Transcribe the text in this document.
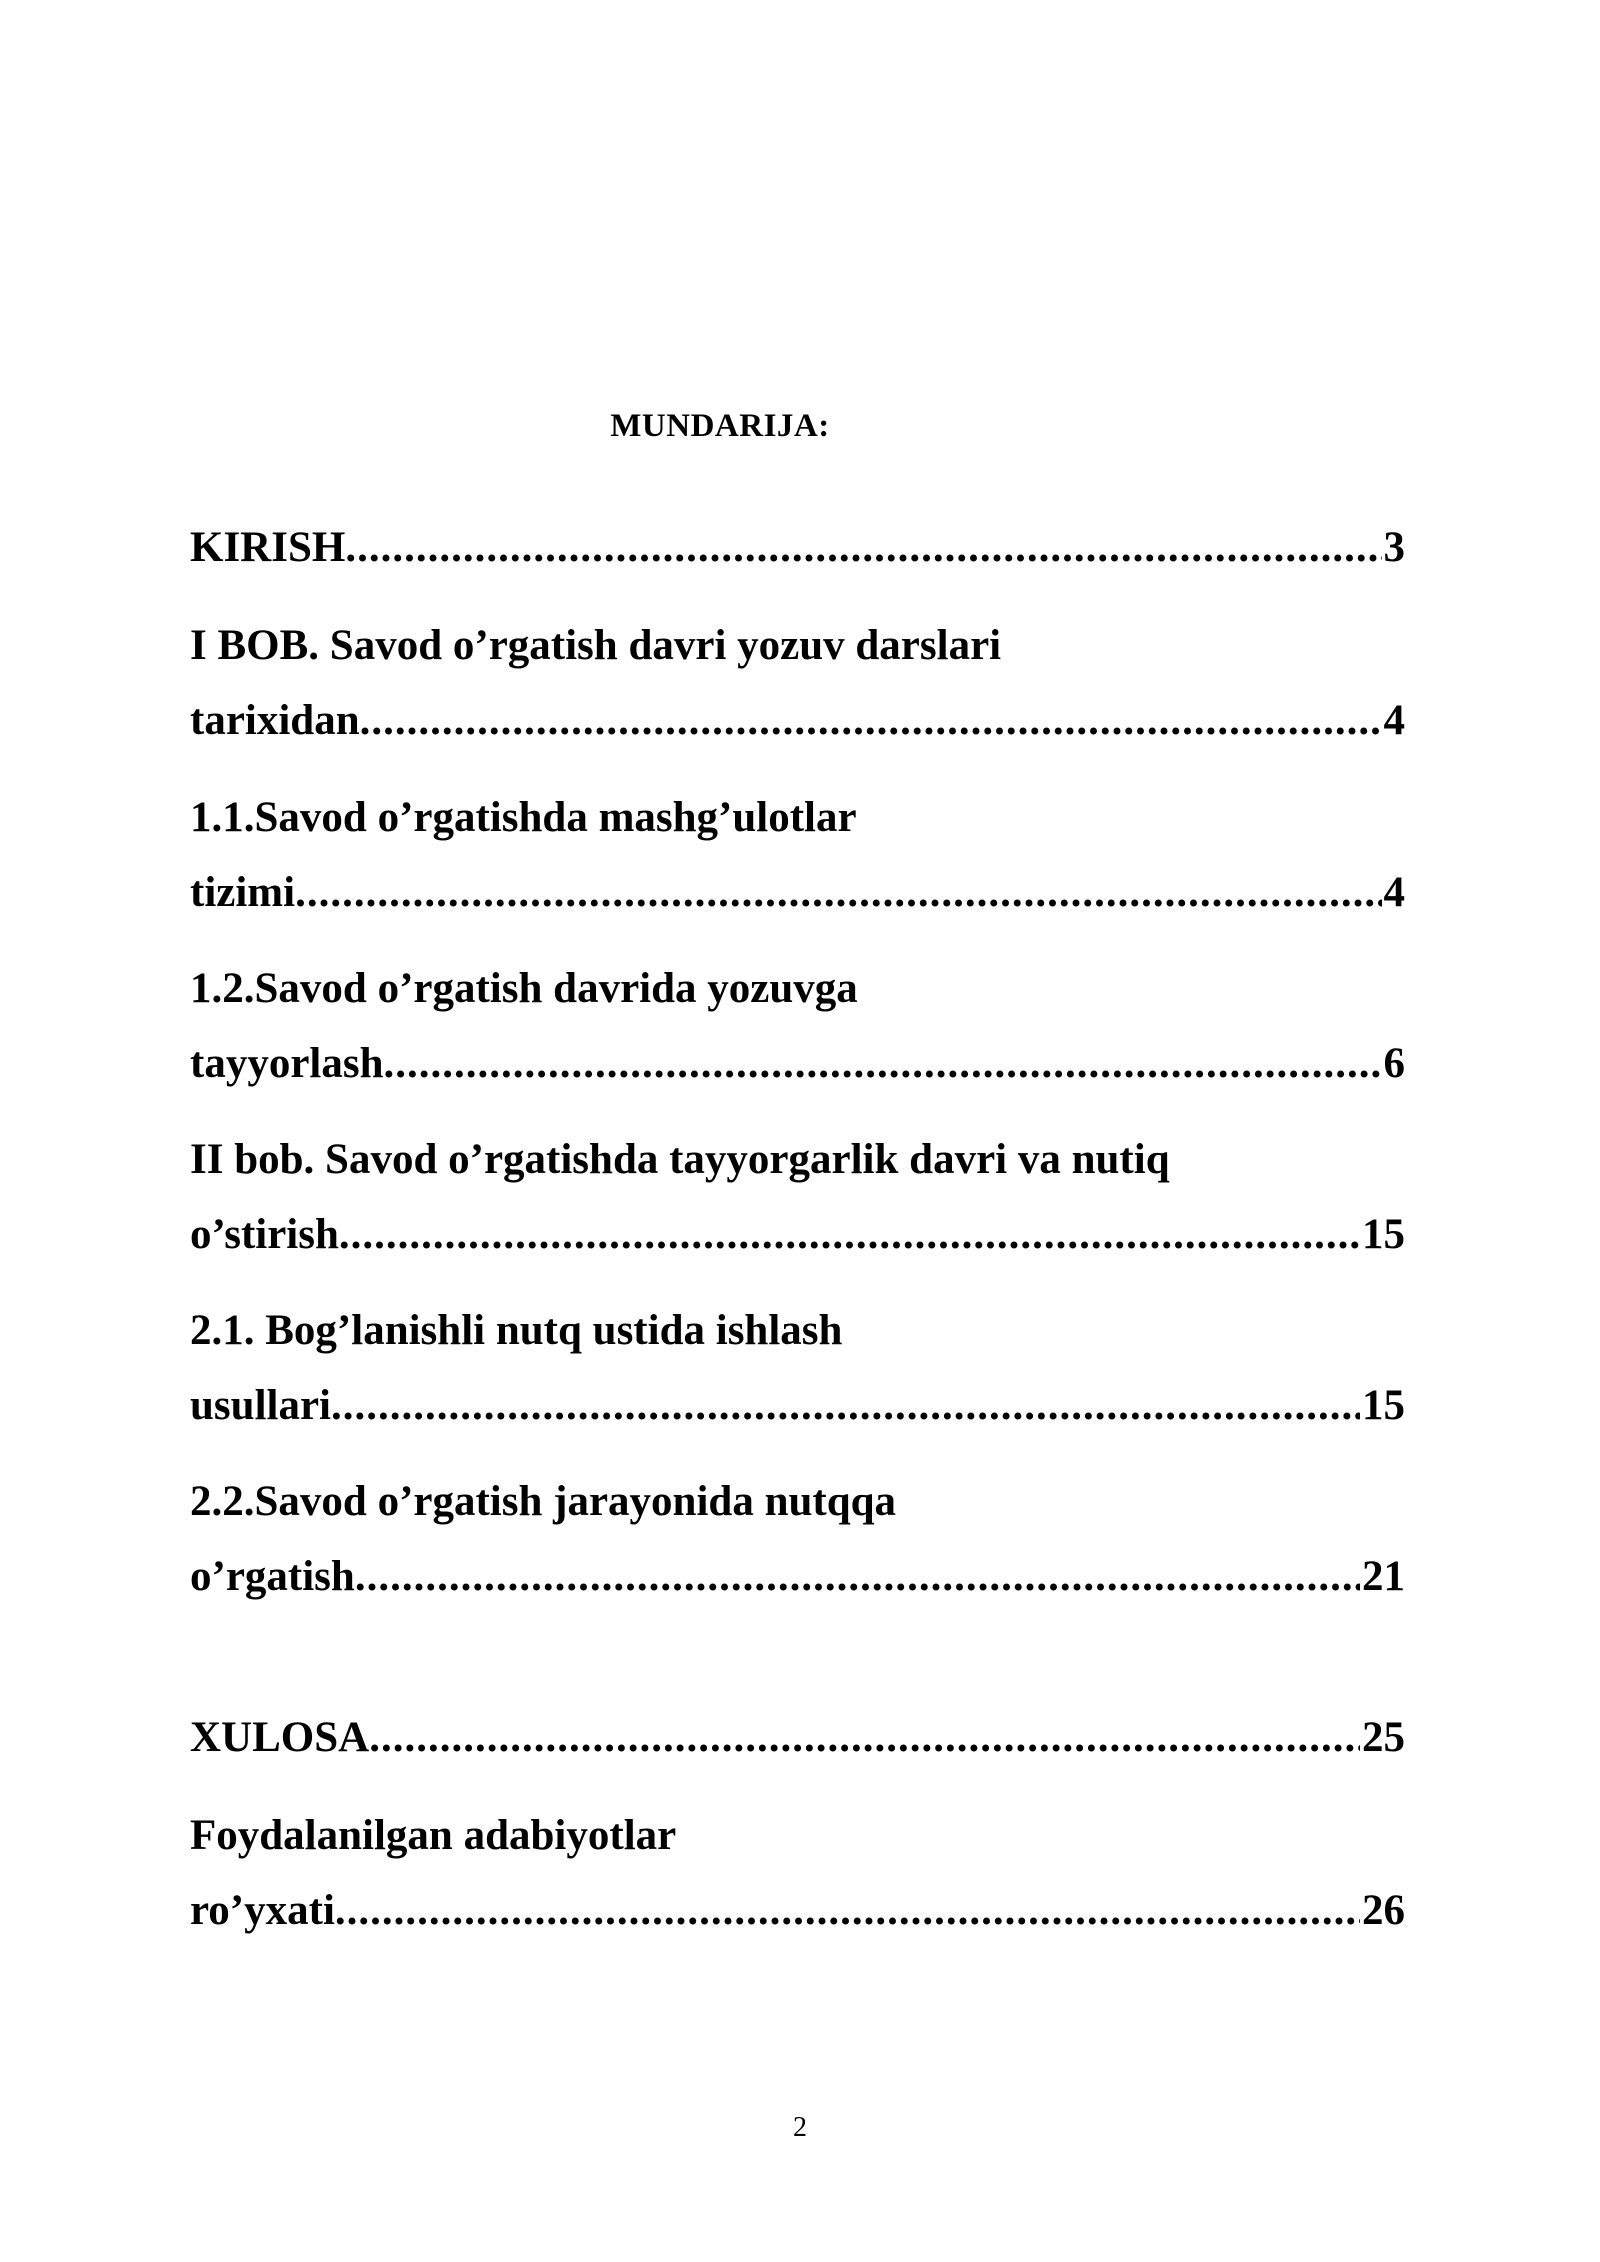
MUNDARIJA:
KIRISH .....	3
I BOB. Savod o’rgatish davri yozuv darslari
tarixidan .....	4
1.1.Savod o’rgatishda mashg’ulotlar
tizimi .....	4
1.2.Savod o’rgatish davrida yozuvga
tayyorlash .....	6
II bob. Savod o’rgatishda tayyorgarlik davri va nutiq
o’stirish .....	15
2.1. Bog’lanishli nutq ustida ishlash
usullari .....	15
2.2.Savod o’rgatish jarayonida nutqqa
o’rgatish .....	21
XULOSA .....	25
Foydalanilgan adabiyotlar
ro’yxati .....	26
2
